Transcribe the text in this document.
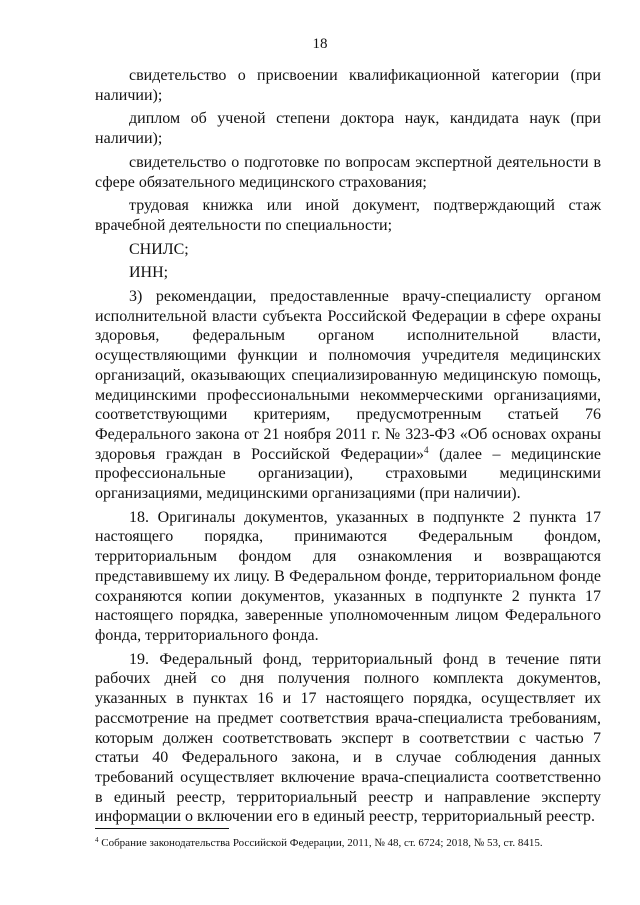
18

свидетельство о присвоении квалификационной категории (при наличии);

диплом об ученой степени доктора наук, кандидата наук (при наличии);

свидетельство о подготовке по вопросам экспертной деятельности в сфере обязательного медицинского страхования;

трудовая книжка или иной документ, подтверждающий стаж врачебной деятельности по специальности;

СНИЛС;

ИНН;

3) рекомендации, предоставленные врачу-специалисту органом исполнительной власти субъекта Российской Федерации в сфере охраны здоровья, федеральным органом исполнительной власти, осуществляющими функции и полномочия учредителя медицинских организаций, оказывающих специализированную медицинскую помощь, медицинскими профессиональными некоммерческими организациями, соответствующими критериям, предусмотренным статьей 76 Федерального закона от 21 ноября 2011 г. № 323-ФЗ «Об основах охраны здоровья граждан в Российской Федерации»$^4$ (далее – медицинские профессиональные организации), страховыми медицинскими организациями, медицинскими организациями (при наличии).

18. Оригиналы документов, указанных в подпункте 2 пункта 17 настоящего порядка, принимаются Федеральным фондом, территориальным фондом для ознакомления и возвращаются представившему их лицу. В Федеральном фонде, территориальном фонде сохраняются копии документов, указанных в подпункте 2 пункта 17 настоящего порядка, заверенные уполномоченным лицом Федерального фонда, территориального фонда.

19. Федеральный фонд, территориальный фонд в течение пяти рабочих дней со дня получения полного комплекта документов, указанных в пунктах 16 и 17 настоящего порядка, осуществляет их рассмотрение на предмет соответствия врача-специалиста требованиям, которым должен соответствовать эксперт в соответствии с частью 7 статьи 40 Федерального закона, и в случае соблюдения данных требований осуществляет включение врача-специалиста соответственно в единый реестр, территориальный реестр и направление эксперту информации о включении его в единый реестр, территориальный реестр.

$^4$ Собрание законодательства Российской Федерации, 2011, № 48, ст. 6724; 2018, № 53, ст. 8415.
